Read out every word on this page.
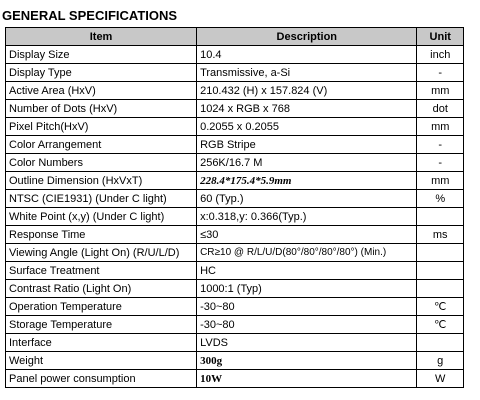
GENERAL SPECIFICATIONS
Item	Description	Unit
Display Size	10.4	inch
Display Type	Transmissive, a-Si	-
Active Area (HxV)	210.432 (H) x 157.824 (V)	mm
Number of Dots (HxV)	1024 x RGB x 768	dot
Pixel Pitch(HxV)	0.2055 x 0.2055	mm
Color Arrangement	RGB Stripe	-
Color Numbers	256K/16.7 M	-
Outline Dimension (HxVxT)	228.4*175.4*5.9mm	mm
NTSC (CIE1931) (Under C light)	60 (Typ.)	%
White Point (x,y) (Under C light)	x:0.318,y: 0.366(Typ.)	
Response Time	≤30	ms
Viewing Angle (Light On) (R/U/L/D)	CR≥10 @ R/L/U/D(80°/80°/80°/80°) (Min.)	
Surface Treatment	HC	
Contrast Ratio (Light On)	1000:1 (Typ)	
Operation Temperature	-30~80	℃
Storage Temperature	-30~80	℃
Interface	LVDS	
Weight	300g	g
Panel power consumption	10W	W
